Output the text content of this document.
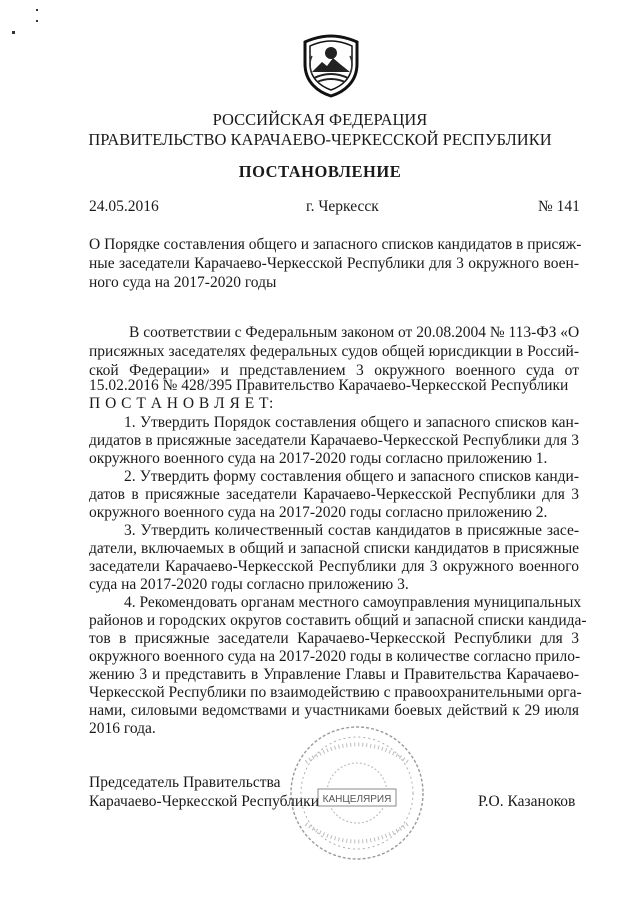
РОССИЙСКАЯ ФЕДЕРАЦИЯ
ПРАВИТЕЛЬСТВО КАРАЧАЕВО-ЧЕРКЕССКОЙ РЕСПУБЛИКИ
ПОСТАНОВЛЕНИЕ
24.05.2016	г. Черкесск	№ 141
О Порядке составления общего и запасного списков кандидатов в присяж-
ные заседатели Карачаево-Черкесской Республики для 3 окружного воен-
ного суда на 2017-2020 годы
В соответствии с Федеральным законом от 20.08.2004 № 113-ФЗ «О
присяжных заседателях федеральных судов общей юрисдикции в Россий-
ской Федерации» и представлением 3 окружного военного суда от
15.02.2016 № 428/395 Правительство Карачаево-Черкесской Республики
П О С Т А Н О В Л Я Е Т:
1. Утвердить Порядок составления общего и запасного списков кан-
дидатов в присяжные заседатели Карачаево-Черкесской Республики для 3
окружного военного суда на 2017-2020 годы согласно приложению 1.
2. Утвердить форму составления общего и запасного списков канди-
датов в присяжные заседатели Карачаево-Черкесской Республики для 3
окружного военного суда на 2017-2020 годы согласно приложению 2.
3. Утвердить количественный состав кандидатов в присяжные засе-
датели, включаемых в общий и запасной списки кандидатов в присяжные
заседатели Карачаево-Черкесской Республики для 3 окружного военного
суда на 2017-2020 годы согласно приложению 3.
4. Рекомендовать органам местного самоуправления муниципальных
районов и городских округов составить общий и запасной списки кандида-
тов в присяжные заседатели Карачаево-Черкесской Республики для 3
окружного военного суда на 2017-2020 годы в количестве согласно прило-
жению 3 и представить в Управление Главы и Правительства Карачаево-
Черкесской Республики по взаимодействию с правоохранительными орга-
нами, силовыми ведомствами и участниками боевых действий к 29 июля
2016 года.
КАНЦЕЛЯРИЯ
Председатель Правительства
Карачаево-Черкесской Республики	Р.О. Казаноков
